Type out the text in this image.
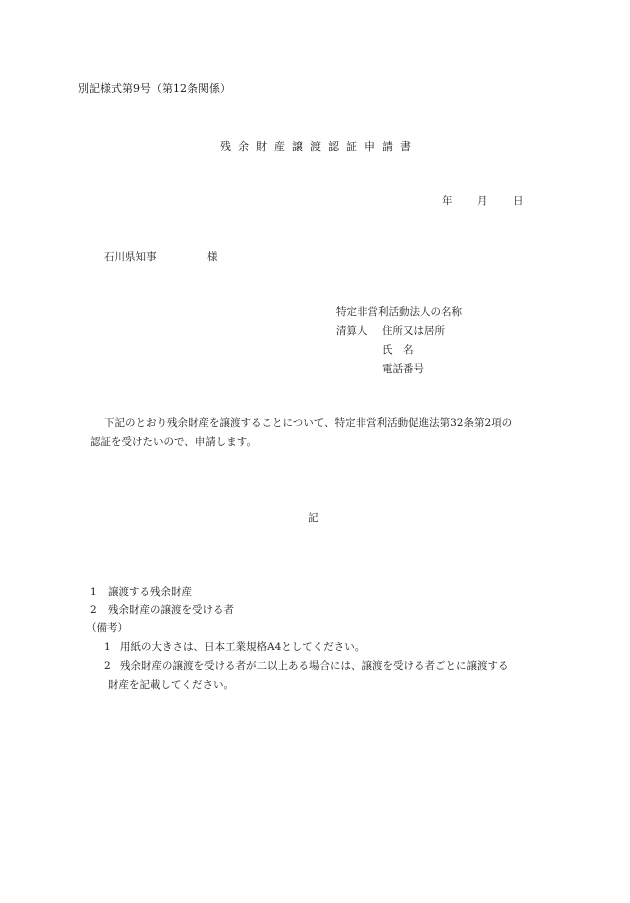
別記様式第9号（第12条関係）
残余財産譲渡認証申請書
年 月 日
石川県知事	様
特定非営利活動法人の名称
清算人 住所又は居所
氏　名
電話番号
下記のとおり残余財産を譲渡することについて、特定非営利活動促進法第32条第2項の
認証を受けたいので、申請します。
記
1 譲渡する残余財産
2 残余財産の譲渡を受ける者
（備考）
1 用紙の大きさは、日本工業規格A4としてください。
2 残余財産の譲渡を受ける者が二以上ある場合には、譲渡を受ける者ごとに譲渡する
財産を記載してください。
